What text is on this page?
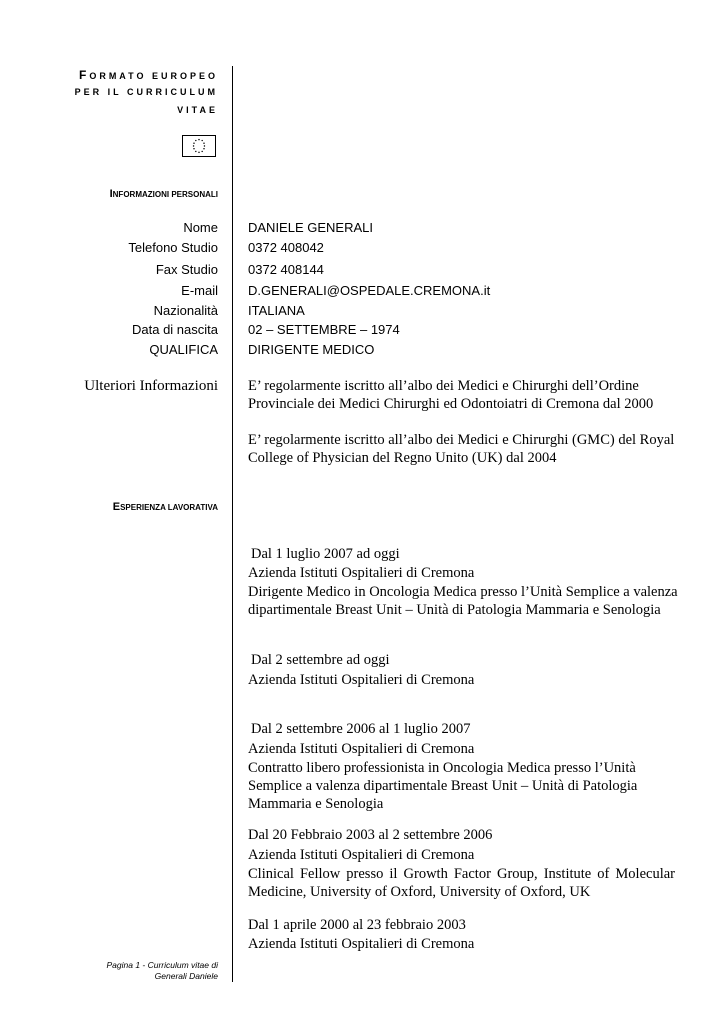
FORMATO EUROPEO
PER IL CURRICULUM
VITAE
INFORMAZIONI PERSONALI
Nome DANIELE GENERALI
Telefono Studio 0372 408042
Fax Studio 0372 408144
E-mail D.GENERALI@OSPEDALE.CREMONA.it
Nazionalità ITALIANA
Data di nascita 02 – SETTEMBRE – 1974
QUALIFICA DIRIGENTE MEDICO
Ulteriori Informazioni E’ regolarmente iscritto all’albo dei Medici e Chirurghi dell’Ordine Provinciale dei Medici Chirurghi ed Odontoiatri di Cremona dal 2000

E’ regolarmente iscritto all’albo dei Medici e Chirurghi (GMC) del Royal College of Physician del Regno Unito (UK) dal 2004

ESPERIENZA LAVORATIVA
Dal 1 luglio 2007 ad oggi
Azienda Istituti Ospitalieri di Cremona

Dirigente Medico in Oncologia Medica presso l’Unità Semplice a valenza dipartimentale Breast Unit – Unità di Patologia Mammaria e Senologia

Dal 2 settembre ad oggi
Azienda Istituti Ospitalieri di Cremona
Dal 2 settembre 2006 al 1 luglio 2007
Azienda Istituti Ospitalieri di Cremona

Contratto libero professionista in Oncologia Medica presso l’Unità Semplice a valenza dipartimentale Breast Unit – Unità di Patologia Mammaria e Senologia

Dal 20 Febbraio 2003 al 2 settembre 2006
Azienda Istituti Ospitalieri di Cremona

Clinical Fellow presso il Growth Factor Group, Institute of Molecular Medicine, University of Oxford, University of Oxford, UK

Dal 1 aprile 2000 al 23 febbraio 2003
Azienda Istituti Ospitalieri di Cremona
Pagina 1 - Curriculum vitae di
Generali Daniele
